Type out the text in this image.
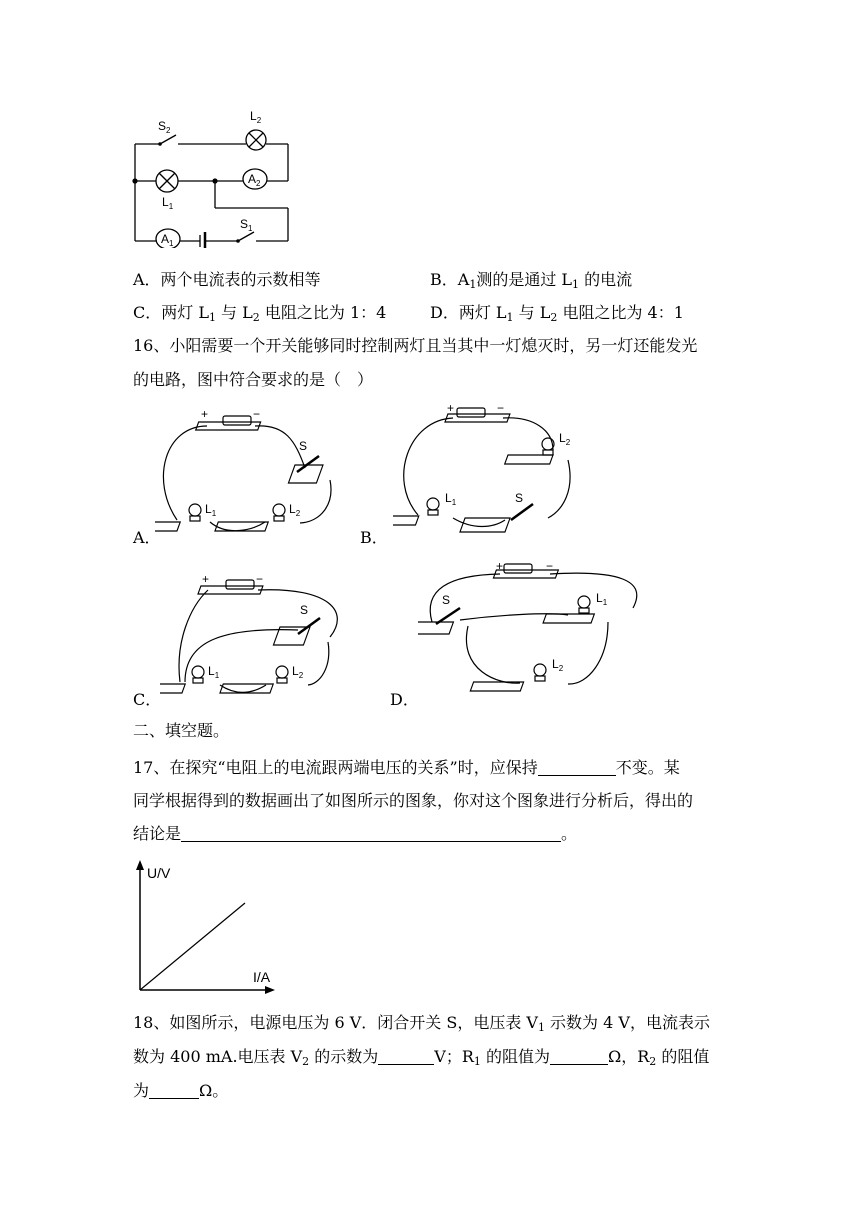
$S_2$
$L_2$
$L_1$
$A_2$
$A_1$
$S_1$
A．两个电流表的示数相等	B．$A_1$测的是通过 $L_1$ 的电流
C．两灯 $L_1$ 与 $L_2$ 电阻之比为 1：4	D．两灯 $L_1$ 与 $L_2$ 电阻之比为 4：1
16、小阳需要一个开关能够同时控制两灯且当其中一灯熄灭时，另一灯还能发光
的电路，图中符合要求的是（　）
+	−
S
$L_1$	$L_2$
A．
+	−
$L_2$
$L_1$	S
B．
+	−
S
$L_1$	$L_2$
C．
+	−
S	$L_1$
$L_2$
D．
二、填空题。
17、在探究“电阻上的电流跟两端电压的关系”时，应保持	不变。某
同学根据得到的数据画出了如图所示的图象，你对这个图象进行分析后，得出的
结论是	。
U/V
I/A
18、如图所示，电源电压为 6 V．闭合开关 S，电压表 $V_1$ 示数为 4 V，电流表示
数为 400 mA.电压表 $V_2$ 的示数为	V；$R_1$ 的阻值为	Ω，$R_2$ 的阻值
为	Ω。
